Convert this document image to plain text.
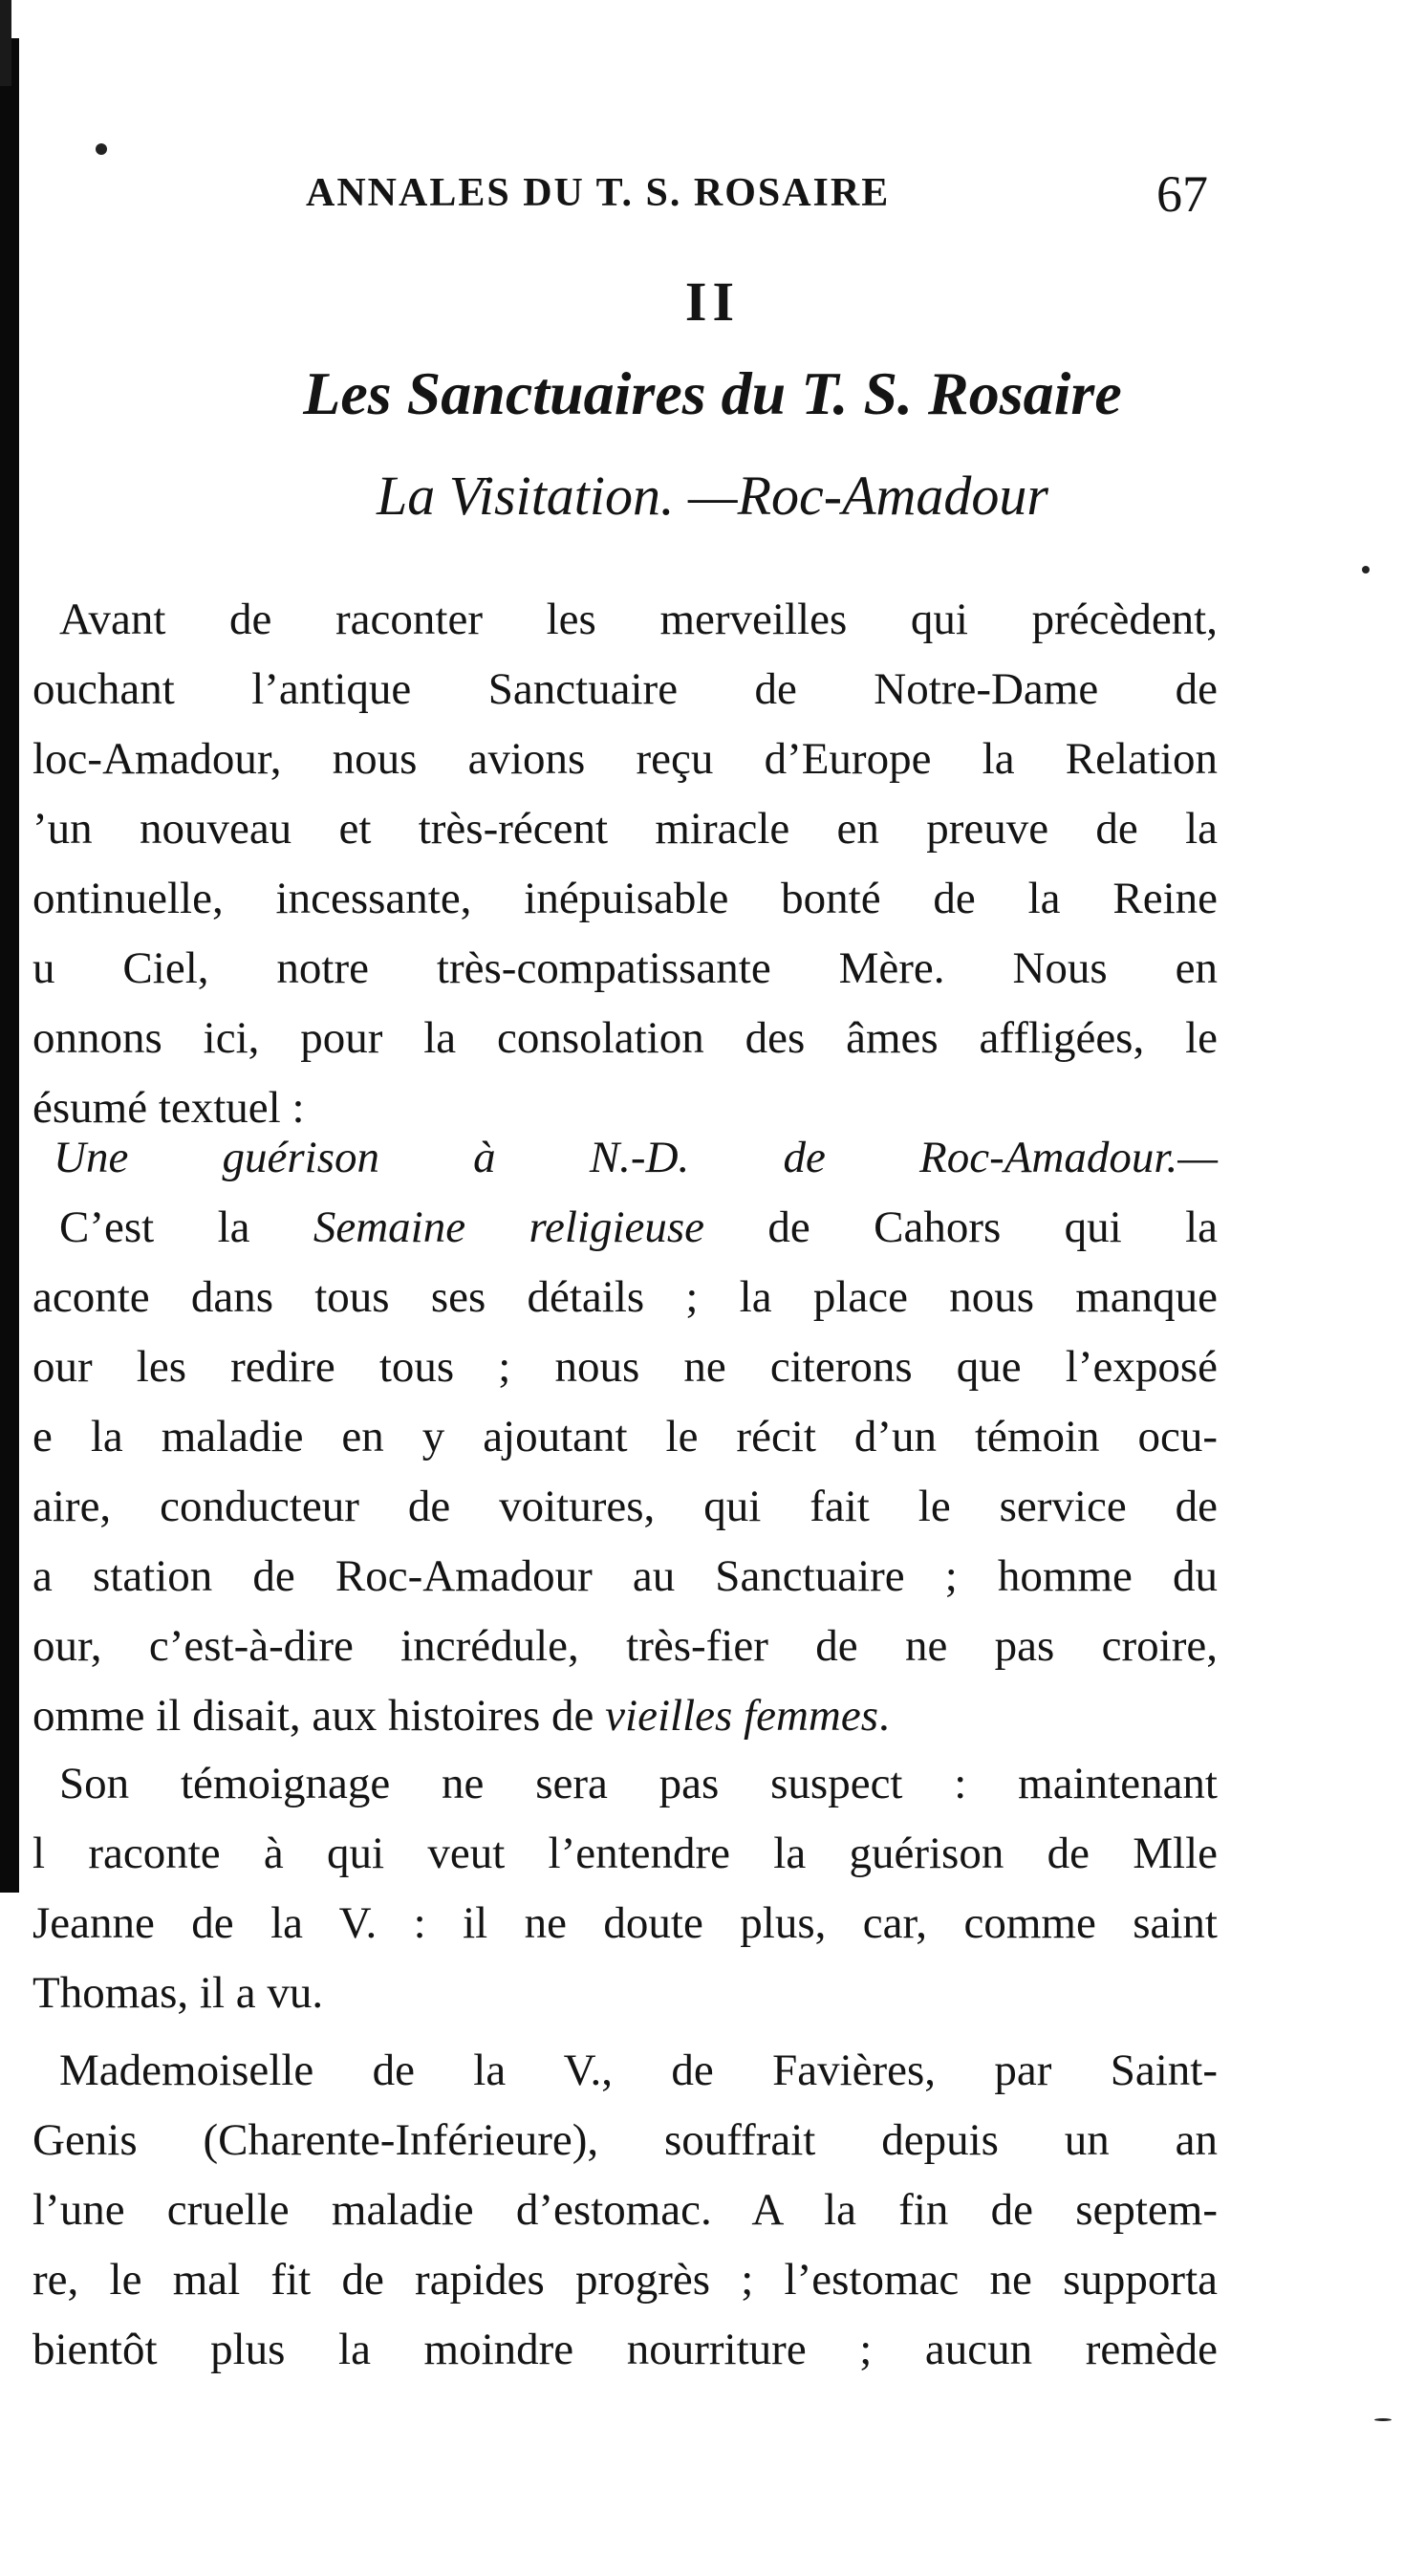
ANNALES DU T. S. ROSAIRE	67
II
Les Sanctuaires du T. S. Rosaire
La Visitation. —Roc-Amadour
Avant de raconter les merveilles qui précèdent,
ouchant l’antique Sanctuaire de Notre-Dame de
loc-Amadour, nous avions reçu d’Europe la Relation
’un nouveau et très-récent miracle en preuve de la
ontinuelle, incessante, inépuisable bonté de la Reine
u Ciel, notre très-compatissante Mère. Nous en
onnons ici, pour la consolation des âmes affligées, le
ésumé textuel :
Une guérison à N.-D. de Roc-Amadour.—
C’est la Semaine religieuse de Cahors qui la
aconte dans tous ses détails ; la place nous manque
our les redire tous ; nous ne citerons que l’exposé
e la maladie en y ajoutant le récit d’un témoin ocu-
aire, conducteur de voitures, qui fait le service de
a station de Roc-Amadour au Sanctuaire ; homme du
our, c’est-à-dire incrédule, très-fier de ne pas croire,
omme il disait, aux histoires de vieilles femmes.
Son témoignage ne sera pas suspect : maintenant
l raconte à qui veut l’entendre la guérison de Mlle
Jeanne de la V. : il ne doute plus, car, comme saint
Thomas, il a vu.
Mademoiselle de la V., de Favières, par Saint-
Genis (Charente-Inférieure), souffrait depuis un an
l’une cruelle maladie d’estomac. A la fin de septem-
re, le mal fit de rapides progrès ; l’estomac ne supporta
bientôt plus la moindre nourriture ; aucun remède
